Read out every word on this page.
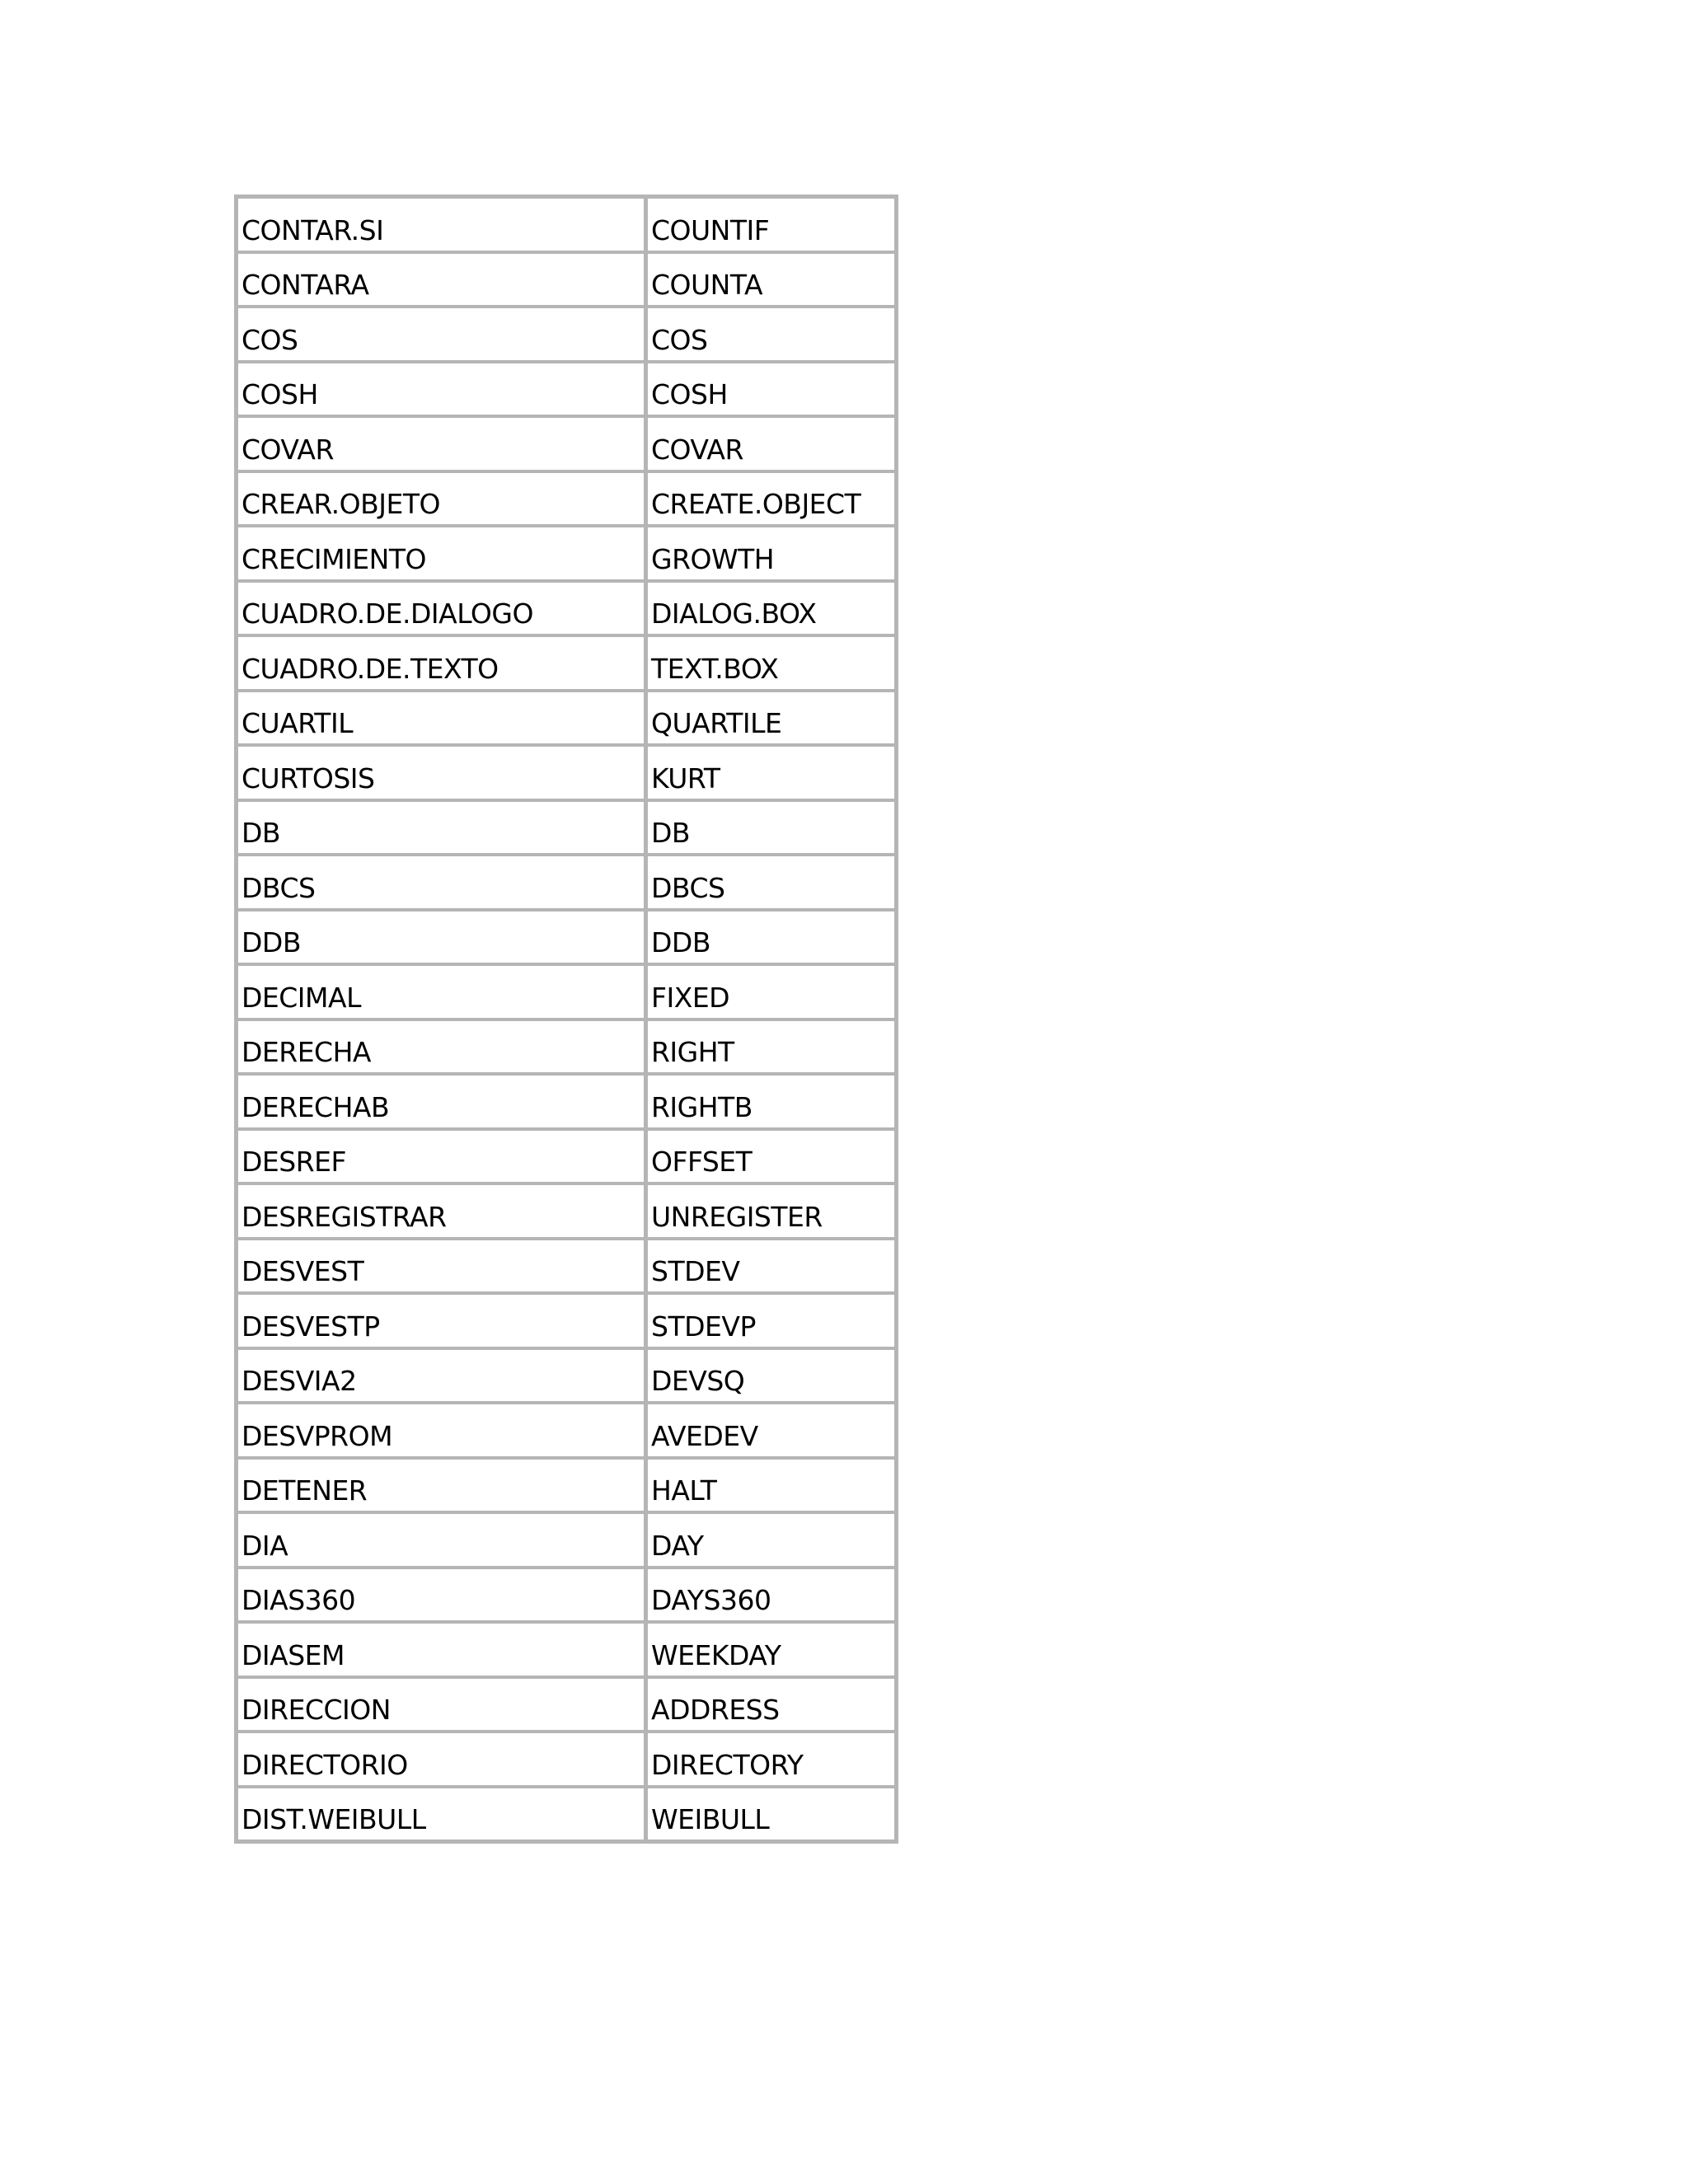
CONTAR.SI	COUNTIF
CONTARA	COUNTA
COS	COS
COSH	COSH
COVAR	COVAR
CREAR.OBJETO	CREATE.OBJECT
CRECIMIENTO	GROWTH
CUADRO.DE.DIALOGO	DIALOG.BOX
CUADRO.DE.TEXTO	TEXT.BOX
CUARTIL	QUARTILE
CURTOSIS	KURT
DB	DB
DBCS	DBCS
DDB	DDB
DECIMAL	FIXED
DERECHA	RIGHT
DERECHAB	RIGHTB
DESREF	OFFSET
DESREGISTRAR	UNREGISTER
DESVEST	STDEV
DESVESTP	STDEVP
DESVIA2	DEVSQ
DESVPROM	AVEDEV
DETENER	HALT
DIA	DAY
DIAS360	DAYS360
DIASEM	WEEKDAY
DIRECCION	ADDRESS
DIRECTORIO	DIRECTORY
DIST.WEIBULL	WEIBULL
